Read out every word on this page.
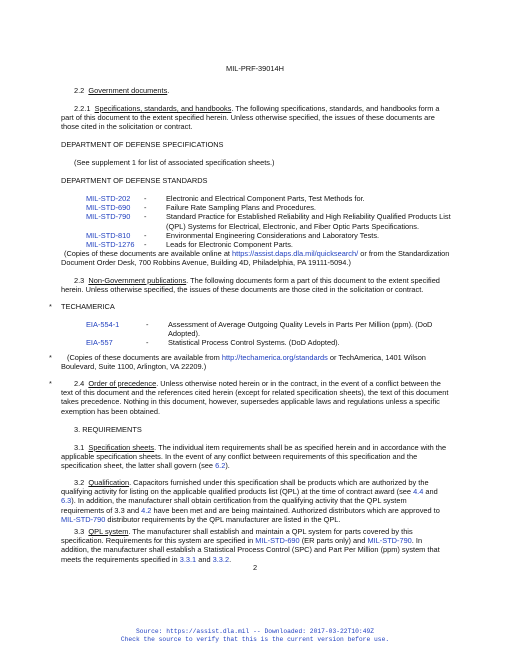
MIL-PRF-39014H
2.2 Government documents.
2.2.1 Specifications, standards, and handbooks. The following specifications, standards, and handbooks form a part of this document to the extent specified herein. Unless otherwise specified, the issues of these documents are those cited in the solicitation or contract.
DEPARTMENT OF DEFENSE SPECIFICATIONS
(See supplement 1 for list of associated specification sheets.)
DEPARTMENT OF DEFENSE STANDARDS
MIL-STD-202	-	Electronic and Electrical Component Parts, Test Methods for.
MIL-STD-690	-	Failure Rate Sampling Plans and Procedures.
MIL-STD-790	-	Standard Practice for Established Reliability and High Reliability Qualified Products List (QPL) Systems for Electrical, Electronic, and Fiber Optic Parts Specifications.
MIL-STD-810	-	Environmental Engineering Considerations and Laboratory Tests.
MIL-STD-1276	-	Leads for Electronic Component Parts.
(Copies of these documents are available online at https://assist.daps.dla.mil/quicksearch/ or from the Standardization Document Order Desk, 700 Robbins Avenue, Building 4D, Philadelphia, PA 19111-5094.)
2.3 Non-Government publications. The following documents form a part of this document to the extent specified herein. Unless otherwise specified, the issues of these documents are those cited in the solicitation or contract.
* TECHAMERICA
EIA-554-1	-	Assessment of Average Outgoing Quality Levels in Parts Per Million (ppm). (DoD Adopted).
EIA-557	-	Statistical Process Control Systems. (DoD Adopted).
*	(Copies of these documents are available from http://techamerica.org/standards or TechAmerica, 1401 Wilson Boulevard, Suite 1100, Arlington, VA 22209.)
*	2.4 Order of precedence. Unless otherwise noted herein or in the contract, in the event of a conflict between the text of this document and the references cited herein (except for related specification sheets), the text of this document takes precedence. Nothing in this document, however, supersedes applicable laws and regulations unless a specific exemption has been obtained.
3. REQUIREMENTS
3.1 Specification sheets. The individual item requirements shall be as specified herein and in accordance with the applicable specification sheets. In the event of any conflict between requirements of this specification and the specification sheet, the latter shall govern (see 6.2).
3.2 Qualification. Capacitors furnished under this specification shall be products which are authorized by the qualifying activity for listing on the applicable qualified products list (QPL) at the time of contract award (see 4.4 and 6.3). In addition, the manufacturer shall obtain certification from the qualifying activity that the QPL system requirements of 3.3 and 4.2 have been met and are being maintained. Authorized distributors which are approved to MIL-STD-790 distributor requirements by the QPL manufacturer are listed in the QPL.
3.3 QPL system. The manufacturer shall establish and maintain a QPL system for parts covered by this specification. Requirements for this system are specified in MIL-STD-690 (ER parts only) and MIL-STD-790. In addition, the manufacturer shall establish a Statistical Process Control (SPC) and Part Per Million (ppm) system that meets the requirements specified in 3.3.1 and 3.3.2.
2
Source: https://assist.dla.mil -- Downloaded: 2017-03-22T10:49Z
Check the source to verify that this is the current version before use.
